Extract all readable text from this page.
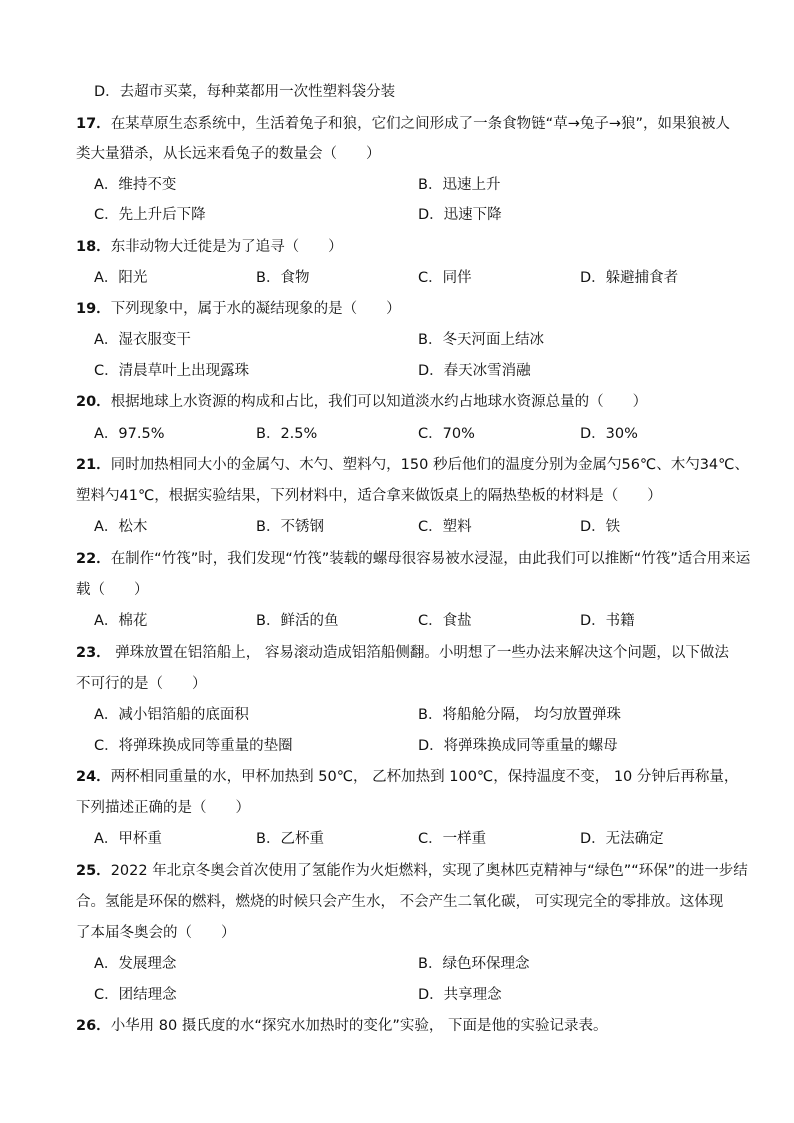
D．去超市买菜，每种菜都用一次性塑料袋分装
17．在某草原生态系统中，生活着兔子和狼，它们之间形成了一条食物链“草→兔子→狼”，如果狼被人
类大量猎杀，从长远来看兔子的数量会（　　）
A．维持不变	B．迅速上升
C．先上升后下降	D．迅速下降
18．东非动物大迁徙是为了追寻（　　）
A．阳光	B．食物	C．同伴	D．躲避捕食者
19．下列现象中，属于水的凝结现象的是（　　）
A．湿衣服变干	B．冬天河面上结冰
C．清晨草叶上出现露珠	D．春天冰雪消融
20．根据地球上水资源的构成和占比，我们可以知道淡水约占地球水资源总量的（　　）
A．97.5%	B．2.5%	C．70%	D．30%
21．同时加热相同大小的金属勺、木勺、塑料勺，150 秒后他们的温度分别为金属勺56℃、木勺34℃、
塑料勺41℃，根据实验结果，下列材料中，适合拿来做饭桌上的隔热垫板的材料是（　　）
A．松木	B．不锈钢	C．塑料	D．铁
22．在制作“竹筏”时，我们发现“竹筏”装载的螺母很容易被水浸湿，由此我们可以推断“竹筏”适合用来运
载（　　）
A．棉花	B．鲜活的鱼	C．食盐	D．书籍
23． 弹珠放置在铝箔船上， 容易滚动造成铝箔船侧翻。小明想了一些办法来解决这个问题，以下做法
不可行的是（　　）
A．减小铝箔船的底面积	B．将船舱分隔， 均匀放置弹珠
C．将弹珠换成同等重量的垫圈	D．将弹珠换成同等重量的螺母
24．两杯相同重量的水，甲杯加热到 50℃， 乙杯加热到 100℃，保持温度不变， 10 分钟后再称量，
下列描述正确的是（　　）
A．甲杯重	B．乙杯重	C．一样重	D．无法确定
25．2022 年北京冬奥会首次使用了氢能作为火炬燃料，实现了奥林匹克精神与“绿色”“环保”的进一步结
合。氢能是环保的燃料，燃烧的时候只会产生水， 不会产生二氧化碳， 可实现完全的零排放。这体现
了本届冬奥会的（　　）
A．发展理念	B．绿色环保理念
C．团结理念	D．共享理念
26．小华用 80 摄氏度的水“探究水加热时的变化”实验， 下面是他的实验记录表。
